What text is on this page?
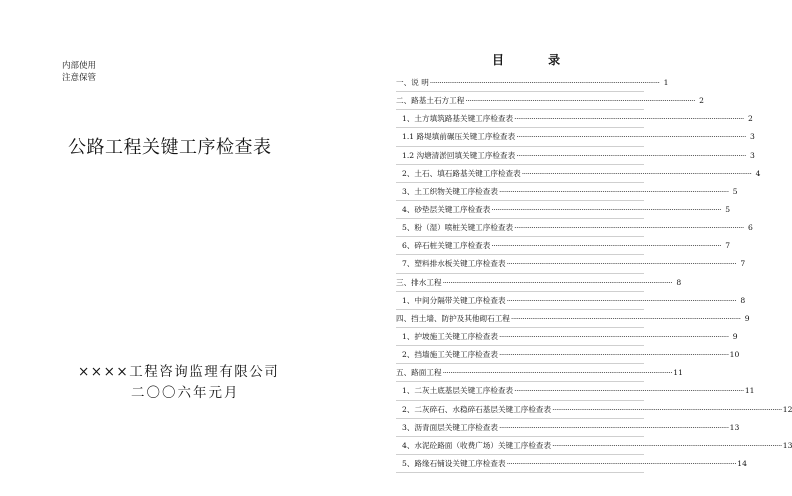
内部使用
注意保管
公路工程关键工序检查表
××××工程咨询监理有限公司
二〇〇六年元月
目 录
一、说 明 ························································································································ 1
二、路基土石方工程 ························································································································ 2
1、土方填筑路基关键工序检查表 ························································································································ 2
1.1 路堤填前碾压关键工序检查表 ························································································································ 3
1.2 沟塘清淤回填关键工序检查表 ························································································································ 3
2、土石、填石路基关键工序检查表 ························································································································ 4
3、土工织物关键工序检查表 ························································································································ 5
4、砂垫层关键工序检查表 ························································································································ 5
5、粉（湿）喷桩关键工序检查表 ························································································································ 6
6、碎石桩关键工序检查表 ························································································································ 7
7、塑料排水板关键工序检查表 ························································································································ 7
三、排水工程 ························································································································ 8
1、中间分隔带关键工序检查表 ························································································································ 8
四、挡土墙、防护及其他砌石工程 ························································································································ 9
1、护坡施工关键工序检查表 ························································································································ 9
2、挡墙施工关键工序检查表 ························································································································ 10
五、路面工程 ························································································································ 11
1、二灰土底基层关键工序检查表 ························································································································ 11
2、二灰碎石、水稳碎石基层关键工序检查表 ························································································································ 12
3、沥青面层关键工序检查表 ························································································································ 13
4、水泥砼路面（收费广场）关键工序检查表 ························································································································ 13
5、路缘石铺设关键工序检查表 ························································································································ 14
